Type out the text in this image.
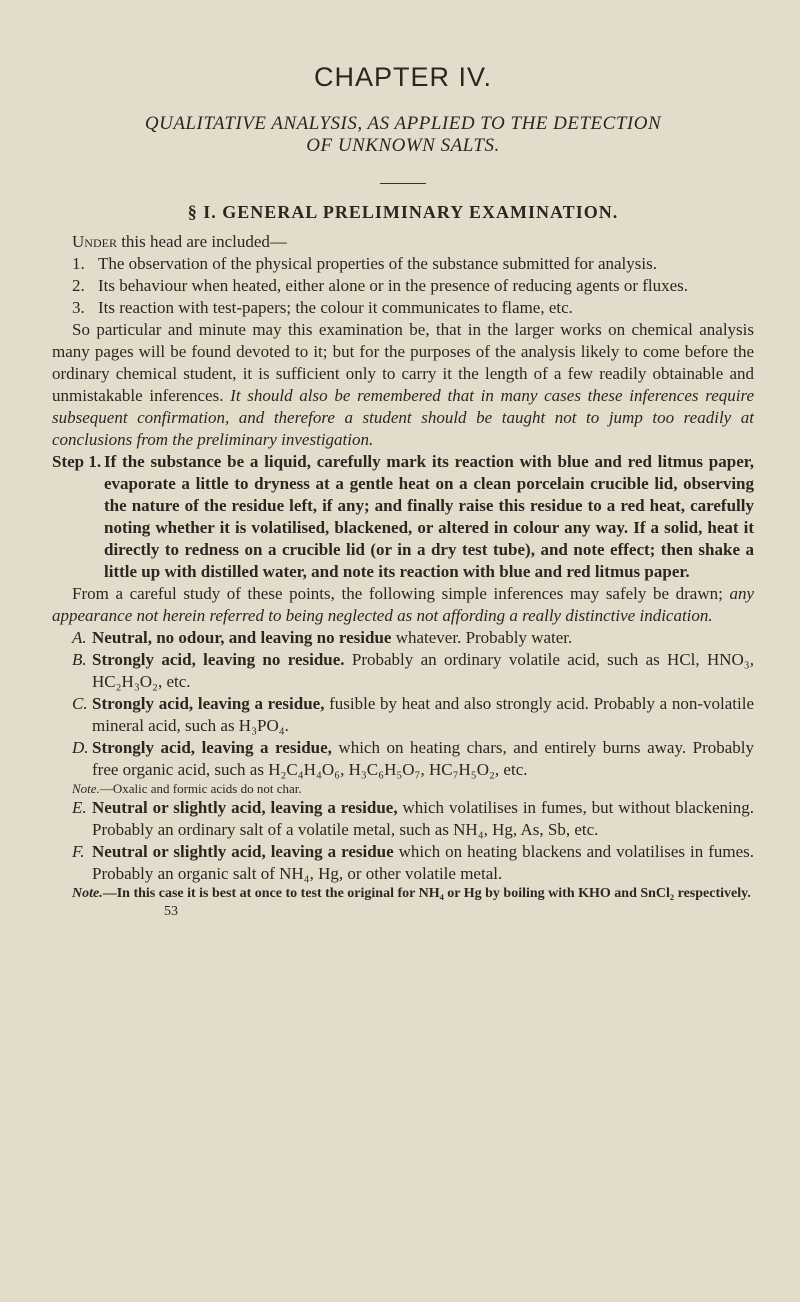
CHAPTER IV.

QUALITATIVE ANALYSIS, AS APPLIED TO THE DETECTION

OF UNKNOWN SALTS.

§ I. GENERAL PRELIMINARY EXAMINATION.

Under this head are included—

1. The observation of the physical properties of the substance submitted for analysis.
2. Its behaviour when heated, either alone or in the presence of reducing agents or fluxes.
3. Its reaction with test-papers; the colour it communicates to flame, etc.

So particular and minute may this examination be, that in the larger works on chemical analysis many pages will be found devoted to it; but for the purposes of the analysis likely to come before the ordinary chemical student, it is sufficient only to carry it the length of a few readily obtainable and unmistakable inferences. It should also be remembered that in many cases these inferences require subsequent confirmation, and therefore a student should be taught not to jump too readily at conclusions from the preliminary investigation.

Step 1. If the substance be a liquid, carefully mark its reaction with blue and red litmus paper, evaporate a little to dryness at a gentle heat on a clean porcelain crucible lid, observing the nature of the residue left, if any; and finally raise this residue to a red heat, carefully noting whether it is volatilised, blackened, or altered in colour any way. If a solid, heat it directly to redness on a crucible lid (or in a dry test tube), and note effect; then shake a little up with distilled water, and note its reaction with blue and red litmus paper.

From a careful study of these points, the following simple inferences may safely be drawn; any appearance not herein referred to being neglected as not affording a really distinctive indication.

A. Neutral, no odour, and leaving no residue whatever. Probably water.
B. Strongly acid, leaving no residue. Probably an ordinary volatile acid, such as HCl, HNO₃, HC₂H₃O₂, etc.
C. Strongly acid, leaving a residue, fusible by heat and also strongly acid. Probably a non-volatile mineral acid, such as H₃PO₄.
D. Strongly acid, leaving a residue, which on heating chars, and entirely burns away. Probably free organic acid, such as H₂C₄H₄O₆, H₃C₆H₅O₇, HC₇H₅O₂, etc.
Note.—Oxalic and formic acids do not char.
E. Neutral or slightly acid, leaving a residue, which volatilises in fumes, but without blackening. Probably an ordinary salt of a volatile metal, such as NH₄, Hg, As, Sb, etc.
F. Neutral or slightly acid, leaving a residue which on heating blackens and volatilises in fumes. Probably an organic salt of NH₄, Hg, or other volatile metal.
Note.—In this case it is best at once to test the original for NH₄ or Hg by boiling with KHO and SnCl₂ respectively.
53
